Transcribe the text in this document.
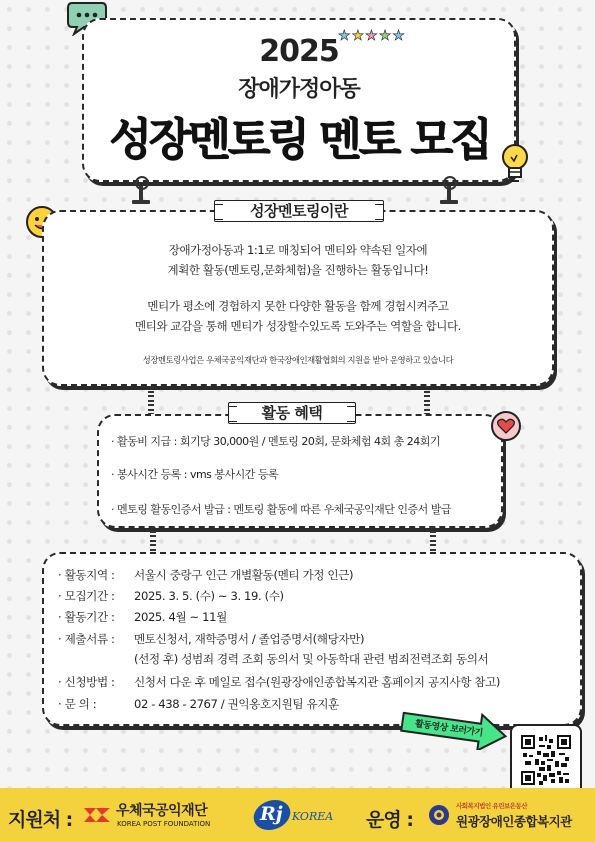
★★★★★
2025
장애가정아동
성장멘토링 멘토 모집
장애가정아동과 1:1로 매칭되어 멘티와 약속된 일자에
계획한 활동(멘토링,문화체험)을 진행하는 활동입니다!
멘티가 평소에 경험하지 못한 다양한 활동을 함께 경험시켜주고
멘티와 교감을 통해 멘티가 성장할수있도록 도와주는 역할을 합니다.
성장멘토링사업은 우체국공익재단과 한국장애인재활협회의 지원을 받아 운영하고 있습니다
성장멘토링이란
· 활동비 지급 : 회기당 30,000원 / 멘토링 20회, 문화체험 4회 총 24회기
· 봉사시간 등록 : vms 봉사시간 등록
· 멘토링 활동인증서 발급 : 멘토링 활동에 따른 우체국공익재단 인증서 발급
활동 혜택
· 활동지역 : 서울시 중랑구 인근 개별활동(멘티 가정 인근)
· 모집기간 : 2025. 3. 5. (수) ~ 3. 19. (수)
· 활동기간 : 2025. 4월 ~ 11월
· 제출서류 : 멘토신청서, 재학증명서 / 졸업증명서(해당자만)
(선정 후) 성범죄 경력 조회 동의서 및 아동학대 관련 범죄전력조회 동의서
· 신청방법 : 신청서 다운 후 메일로 접수(원광장애인종합복지관 홈페이지 공지사항 참고)
· 문 의 :	02 - 438 - 2767 / 권익옹호지원팀 유지훈
활동영상 보러가기
지원처 :	우체국공익재단
KOREA POST FOUNDATION	Rj KOREA 운영 :
사회복지법인 유린보은동산
원광장애인종합복지관
